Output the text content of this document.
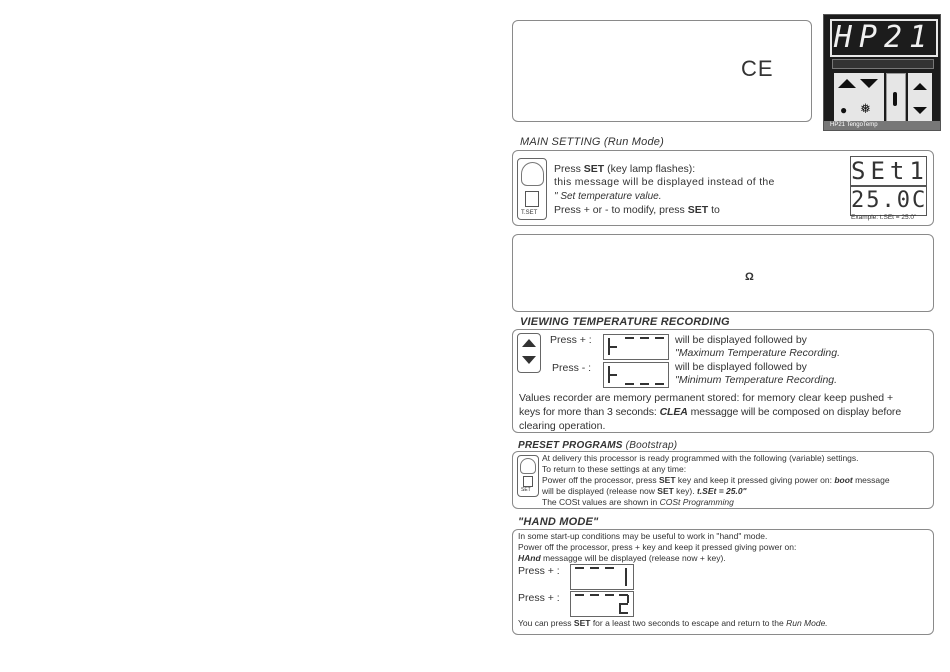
CE
HP21
● ❅
HP21 TengoTemp
MAIN SETTING (Run Mode)
T.SET
Press SET (key lamp flashes):
this message will be displayed instead of the
" Set temperature value.
Press + or - to modify, press SET to
SEt1
25.0C
Example: t.SEt = 25.0"
Ω
VIEWING TEMPERATURE RECORDING
Press + :
Press - :
will be displayed followed by
"Maximum Temperature Recording.
will be displayed followed by
"Minimum Temperature Recording.
Values recorder are memory permanent stored: for memory clear keep pushed +
keys for more than 3 seconds: CLEA messagge will be composed on display before
clearing operation.
PRESET PROGRAMS (Bootstrap)
SET
At delivery this processor is ready programmed with the following (variable) settings.
To return to these settings at any time:
Power off the processor, press SET key and keep it pressed giving power on: boot message
will be displayed (release now SET key). t.SEt = 25.0"
The COSt values are shown in COSt Programming
"HAND MODE"
In some start-up conditions may be useful to work in "hand" mode.
Power off the processor, press + key and keep it pressed giving power on:
HAnd messagge will be displayed (release now + key).
Press + :
Press + :
You can press SET for a least two seconds to escape and return to the Run Mode.
